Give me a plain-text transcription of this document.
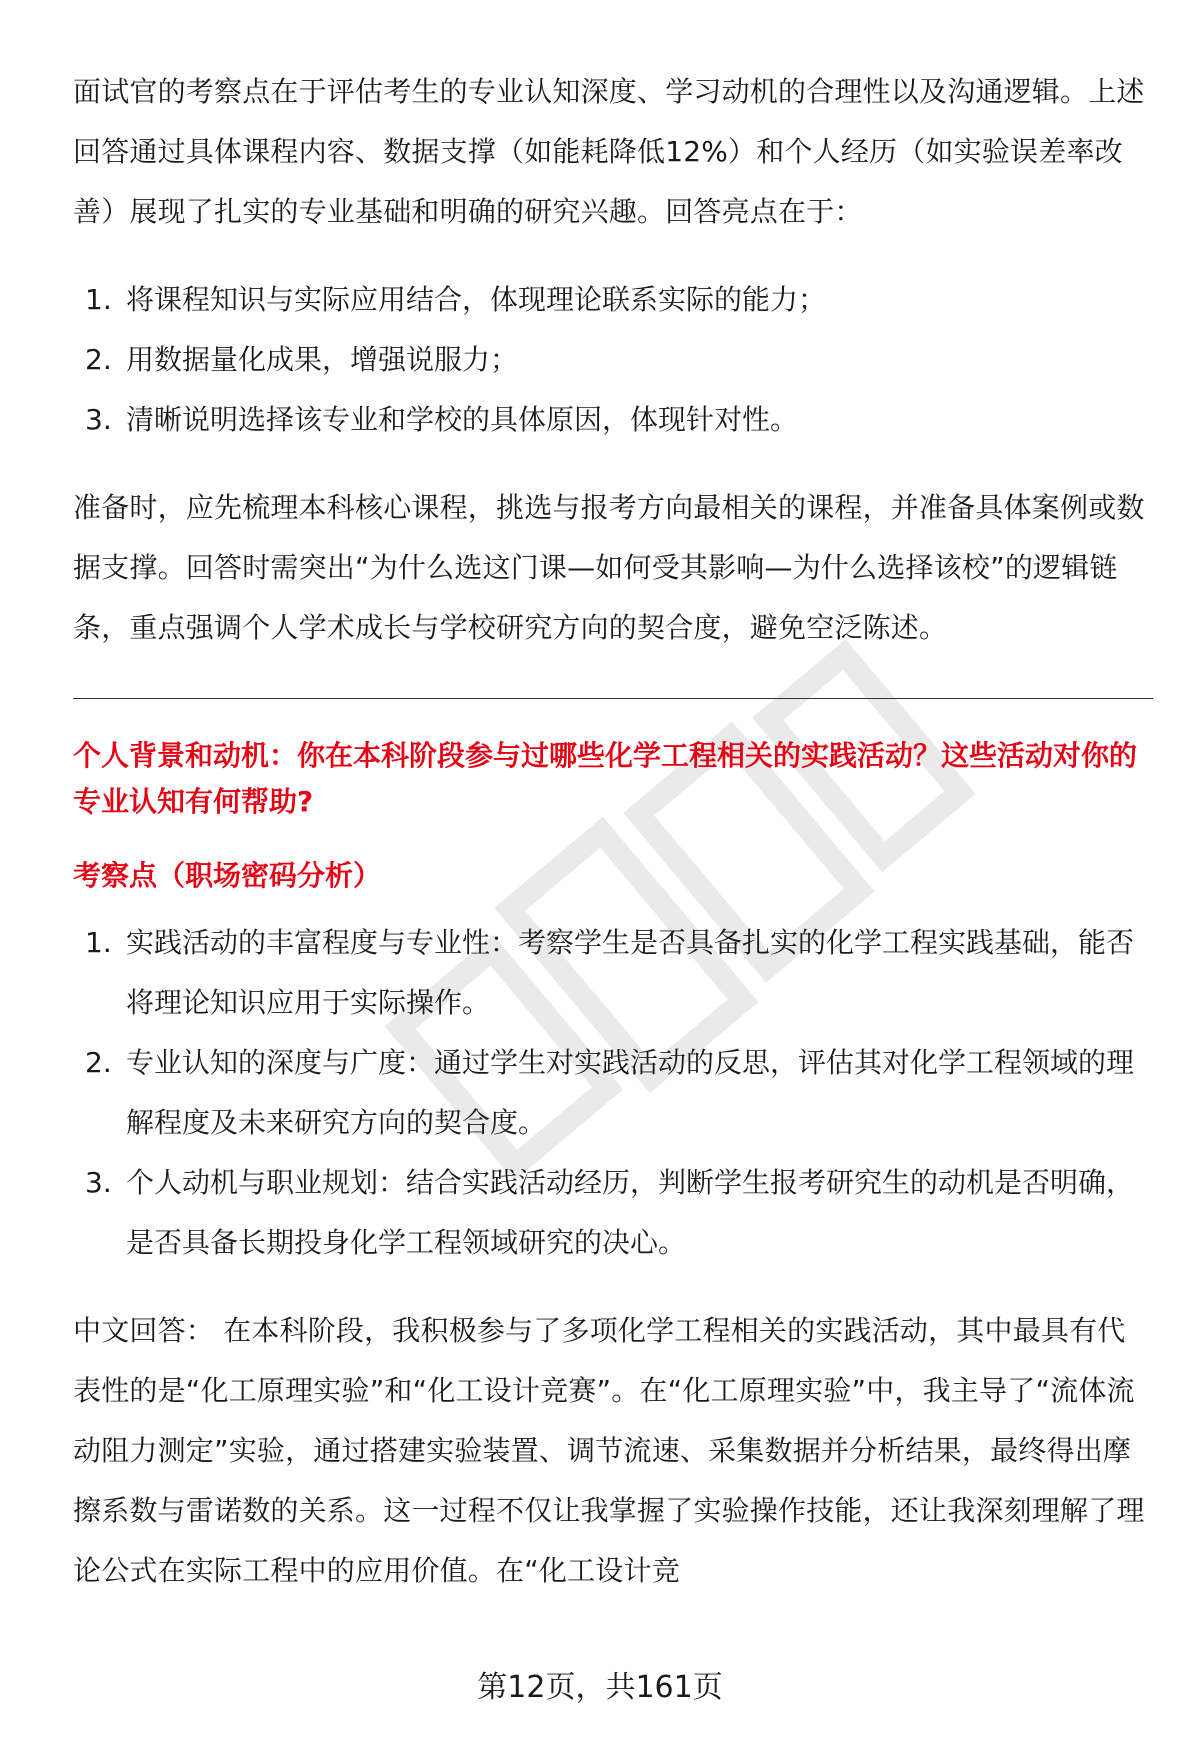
面试官的考察点在于评估考生的专业认知深度、学习动机的合理性以及沟通逻辑。上述回答通过具体课程内容、数据支撑（如能耗降低12%）和个人经历（如实验误差率改善）展现了扎实的专业基础和明确的研究兴趣。回答亮点在于：

1. 将课程知识与实际应用结合，体现理论联系实际的能力；
2. 用数据量化成果，增强说服力；
3. 清晰说明选择该专业和学校的具体原因，体现针对性。

准备时，应先梳理本科核心课程，挑选与报考方向最相关的课程，并准备具体案例或数据支撑。回答时需突出“为什么选这门课—如何受其影响—为什么选择该校”的逻辑链条，重点强调个人学术成长与学校研究方向的契合度，避免空泛陈述。

个人背景和动机：你在本科阶段参与过哪些化学工程相关的实践活动？这些活动对你的专业认知有何帮助?

考察点（职场密码分析）

1. 实践活动的丰富程度与专业性：考察学生是否具备扎实的化学工程实践基础，能否将理论知识应用于实际操作。
2. 专业认知的深度与广度：通过学生对实践活动的反思，评估其对化学工程领域的理解程度及未来研究方向的契合度。
3. 个人动机与职业规划：结合实践活动经历，判断学生报考研究生的动机是否明确，是否具备长期投身化学工程领域研究的决心。

中文回答： 在本科阶段，我积极参与了多项化学工程相关的实践活动，其中最具有代表性的是“化工原理实验”和“化工设计竞赛”。在“化工原理实验”中，我主导了“流体流动阻力测定”实验，通过搭建实验装置、调节流速、采集数据并分析结果，最终得出摩擦系数与雷诺数的关系。这一过程不仅让我掌握了实验操作技能，还让我深刻理解了理论公式在实际工程中的应用价值。在“化工设计竞

第12页，共161页
